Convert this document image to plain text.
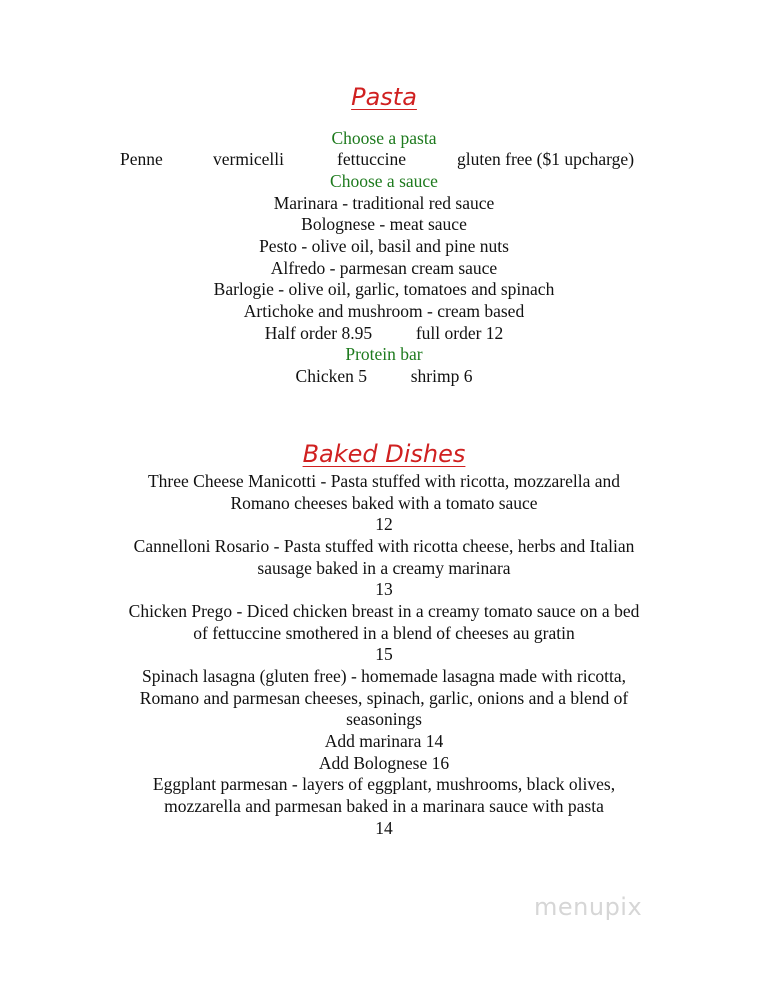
Pasta
Choose a pasta
Penne	vermicelli	fettuccine	gluten free ($1 upcharge)
Choose a sauce
Marinara - traditional red sauce
Bolognese - meat sauce
Pesto - olive oil, basil and pine nuts
Alfredo - parmesan cream sauce
Barlogie - olive oil, garlic, tomatoes and spinach
Artichoke and mushroom - cream based
Half order 8.95          full order 12
Protein bar
Chicken 5          shrimp 6
Baked Dishes
Three Cheese Manicotti - Pasta stuffed with ricotta, mozzarella and
Romano cheeses baked with a tomato sauce
12
Cannelloni Rosario - Pasta stuffed with ricotta cheese, herbs and Italian
sausage baked in a creamy marinara
13
Chicken Prego - Diced chicken breast in a creamy tomato sauce on a bed
of fettuccine smothered in a blend of cheeses au gratin
15
Spinach lasagna (gluten free) - homemade lasagna made with ricotta,
Romano and parmesan cheeses, spinach, garlic, onions and a blend of
seasonings
Add marinara 14
Add Bolognese 16
Eggplant parmesan - layers of eggplant, mushrooms, black olives,
mozzarella and parmesan baked in a marinara sauce with pasta
14
menupix
